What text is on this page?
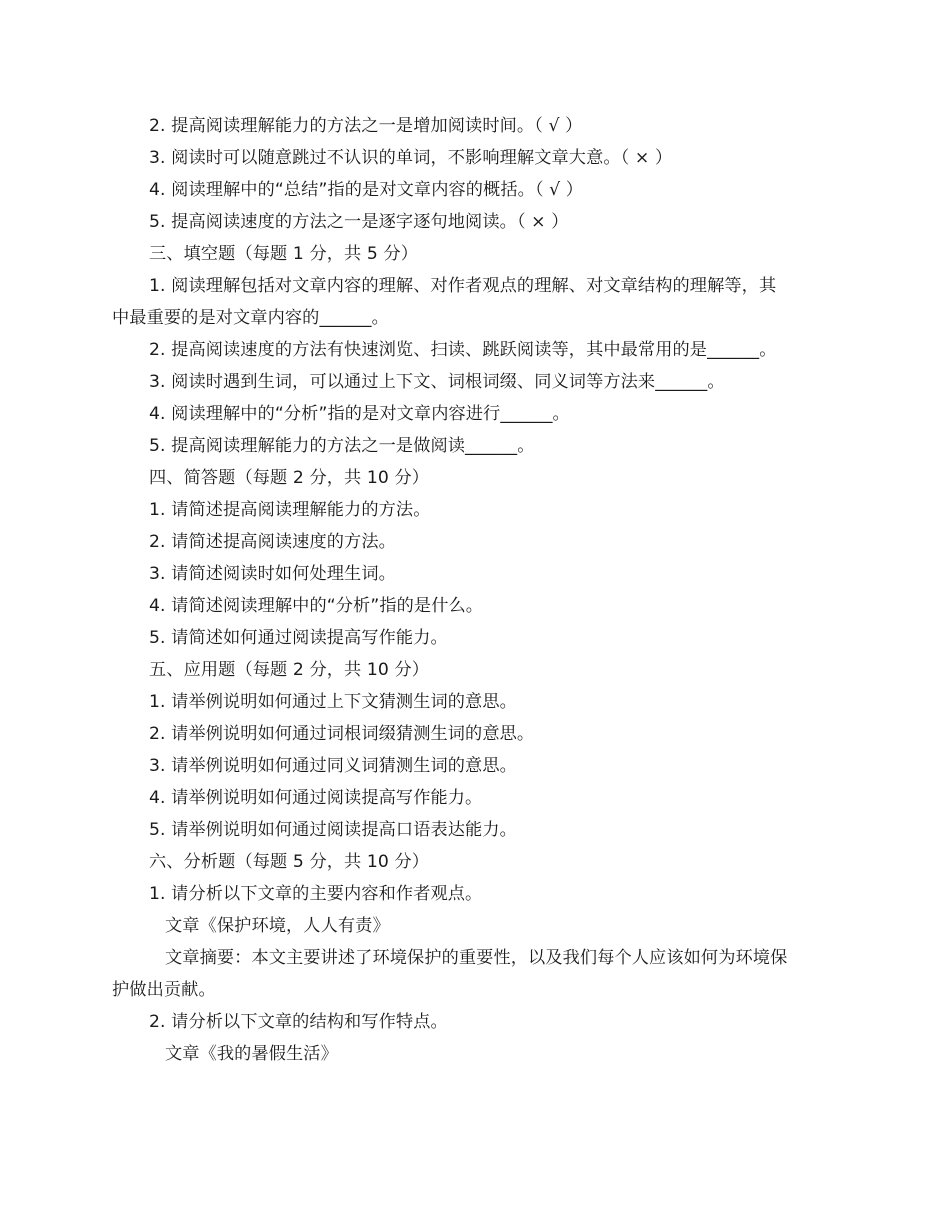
2. 提高阅读理解能力的方法之一是增加阅读时间。（ √ ）
3. 阅读时可以随意跳过不认识的单词，不影响理解文章大意。（ × ）
4. 阅读理解中的“总结”指的是对文章内容的概括。（ √ ）
5. 提高阅读速度的方法之一是逐字逐句地阅读。（ × ）
三、填空题（每题 1 分，共 5 分）
1. 阅读理解包括对文章内容的理解、对作者观点的理解、对文章结构的理解等，其
中最重要的是对文章内容的______。
2. 提高阅读速度的方法有快速浏览、扫读、跳跃阅读等，其中最常用的是______。
3. 阅读时遇到生词，可以通过上下文、词根词缀、同义词等方法来______。
4. 阅读理解中的“分析”指的是对文章内容进行______。
5. 提高阅读理解能力的方法之一是做阅读______。
四、简答题（每题 2 分，共 10 分）
1. 请简述提高阅读理解能力的方法。
2. 请简述提高阅读速度的方法。
3. 请简述阅读时如何处理生词。
4. 请简述阅读理解中的“分析”指的是什么。
5. 请简述如何通过阅读提高写作能力。
五、应用题（每题 2 分，共 10 分）
1. 请举例说明如何通过上下文猜测生词的意思。
2. 请举例说明如何通过词根词缀猜测生词的意思。
3. 请举例说明如何通过同义词猜测生词的意思。
4. 请举例说明如何通过阅读提高写作能力。
5. 请举例说明如何通过阅读提高口语表达能力。
六、分析题（每题 5 分，共 10 分）
1. 请分析以下文章的主要内容和作者观点。
文章《保护环境，人人有责》
文章摘要：本文主要讲述了环境保护的重要性，以及我们每个人应该如何为环境保
护做出贡献。
2. 请分析以下文章的结构和写作特点。
文章《我的暑假生活》
